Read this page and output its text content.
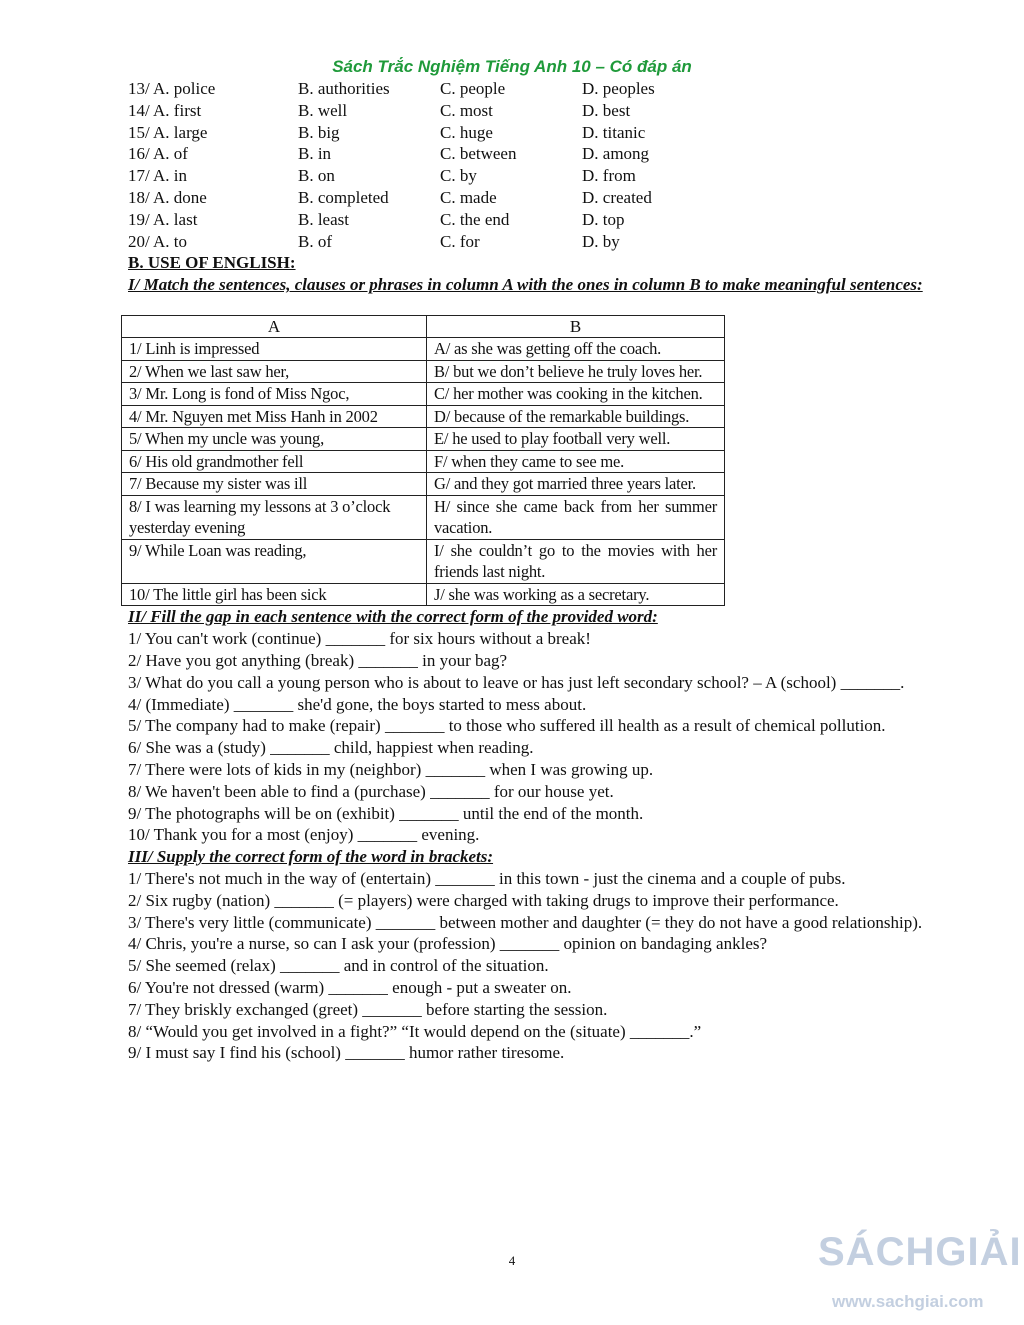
Sách Trắc Nghiệm Tiếng Anh 10 – Có đáp án
13/ A. police	B. authorities	C. people	D. peoples
14/ A. first	B. well	C. most	D. best
15/ A. large	B. big	C. huge	D. titanic
16/ A. of	B. in	C. between	D. among
17/ A. in	B. on	C. by	D. from
18/ A. done	B. completed	C. made	D. created
19/ A. last	B. least	C. the end	D. top
20/ A. to	B. of	C. for	D. by
B. USE OF ENGLISH:
I/ Match the sentences, clauses or phrases in column A with the ones in column B to make meaningful sentences:
A	B
1/ Linh is impressed	A/ as she was getting off the coach.
2/ When we last saw her,	B/ but we don’t believe he truly loves her.
3/ Mr. Long is fond of Miss Ngoc,	C/ her mother was cooking in the kitchen.
4/ Mr. Nguyen met Miss Hanh in 2002	D/ because of the remarkable buildings.
5/ When my uncle was young,	E/ he used to play football very well.
6/ His old grandmother fell	F/ when they came to see me.
7/ Because my sister was ill	G/ and they got married three years later.
8/ I was learning my lessons at 3 o’clock yesterday evening	H/ since she came back from her summer vacation.
9/ While Loan was reading,	I/ she couldn’t go to the movies with her friends last night.
10/ The little girl has been sick	J/ she was working as a secretary.
II/ Fill the gap in each sentence with the correct form of the provided word:
1/ You can't work (continue) _______ for six hours without a break!
2/ Have you got anything (break) _______ in your bag?
3/ What do you call a young person who is about to leave or has just left secondary school? – A (school) _______.
4/ (Immediate) _______ she'd gone, the boys started to mess about.
5/ The company had to make (repair) _______ to those who suffered ill health as a result of chemical pollution.
6/ She was a (study) _______ child, happiest when reading.
7/ There were lots of kids in my (neighbor) _______ when I was growing up.
8/ We haven't been able to find a (purchase) _______ for our house yet.
9/ The photographs will be on (exhibit) _______ until the end of the month.
10/ Thank you for a most (enjoy) _______ evening.
III/ Supply the correct form of the word in brackets:
1/ There's not much in the way of (entertain) _______ in this town - just the cinema and a couple of pubs.
2/ Six rugby (nation) _______ (= players) were charged with taking drugs to improve their performance.
3/ There's very little (communicate) _______ between mother and daughter (= they do not have a good relationship).
4/ Chris, you're a nurse, so can I ask your (profession) _______ opinion on bandaging ankles?
5/ She seemed (relax) _______ and in control of the situation.
6/ You're not dressed (warm) _______ enough - put a sweater on.
7/ They briskly exchanged (greet) _______ before starting the session.
8/ “Would you get involved in a fight?” “It would depend on the (situate) _______.”
9/ I must say I find his (school) _______ humor rather tiresome.
4	SÁCHGIẢI
www.sachgiai.com
